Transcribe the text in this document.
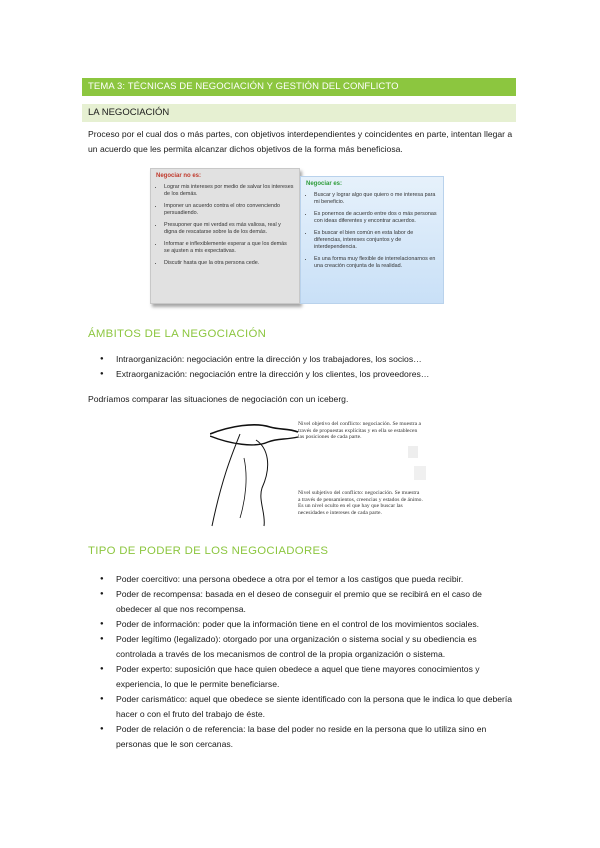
TEMA 3: TÉCNICAS DE NEGOCIACIÓN Y GESTIÓN DEL CONFLICTO
LA NEGOCIACIÓN

Proceso por el cual dos o más partes, con objetivos interdependientes y coincidentes en parte, intentan llegar a un acuerdo que les permita alcanzar dichos objetivos de la forma más beneficiosa.

Negociar no es:
• Lograr mis intereses por medio de salvar los intereses de los demás.
• Imponer un acuerdo contra el otro convenciendo persuadiendo.
• Presuponer que mi verdad es más valiosa, real y digna de rescatarse sobre la de los demás.
• Informar e inflexiblemente esperar a que los demás se ajusten a mis expectativas.
• Discutir hasta que la otra persona cede.
Negociar es:
• Buscar y lograr algo que quiero o me interesa para mi beneficio.
• Es ponernos de acuerdo entre dos o más personas con ideas diferentes y encontrar acuerdos.
• Es buscar el bien común en esta labor de diferencias, intereses conjuntos y de interdependencia.
• Es una forma muy flexible de interrelacionarnos en una creación conjunta de la realidad.
ÁMBITOS DE LA NEGOCIACIÓN
● Intraorganización: negociación entre la dirección y los trabajadores, los socios…
● Extraorganización: negociación entre la dirección y los clientes, los proveedores…

Podríamos comparar las situaciones de negociación con un iceberg.

Nivel objetivo del conflicto: negociación. Se muestra a través de propuestas explícitas y en ella se establecen las posiciones de cada parte.
Nivel subjetivo del conflicto: negociación. Se muestra a través de pensamientos, creencias y estados de ánimo. Es un nivel oculto en el que hay que buscar las necesidades e intereses de cada parte.
TIPO DE PODER DE LOS NEGOCIADORES
● Poder coercitivo: una persona obedece a otra por el temor a los castigos que pueda recibir.
● Poder de recompensa: basada en el deseo de conseguir el premio que se recibirá en el caso de obedecer al que nos recompensa.
● Poder de información: poder que la información tiene en el control de los movimientos sociales.
● Poder legítimo (legalizado): otorgado por una organización o sistema social y su obediencia es controlada a través de los mecanismos de control de la propia organización o sistema.
● Poder experto: suposición que hace quien obedece a aquel que tiene mayores conocimientos y experiencia, lo que le permite beneficiarse.
● Poder carismático: aquel que obedece se siente identificado con la persona que le indica lo que debería hacer o con el fruto del trabajo de éste.
● Poder de relación o de referencia: la base del poder no reside en la persona que lo utiliza sino en personas que le son cercanas.
